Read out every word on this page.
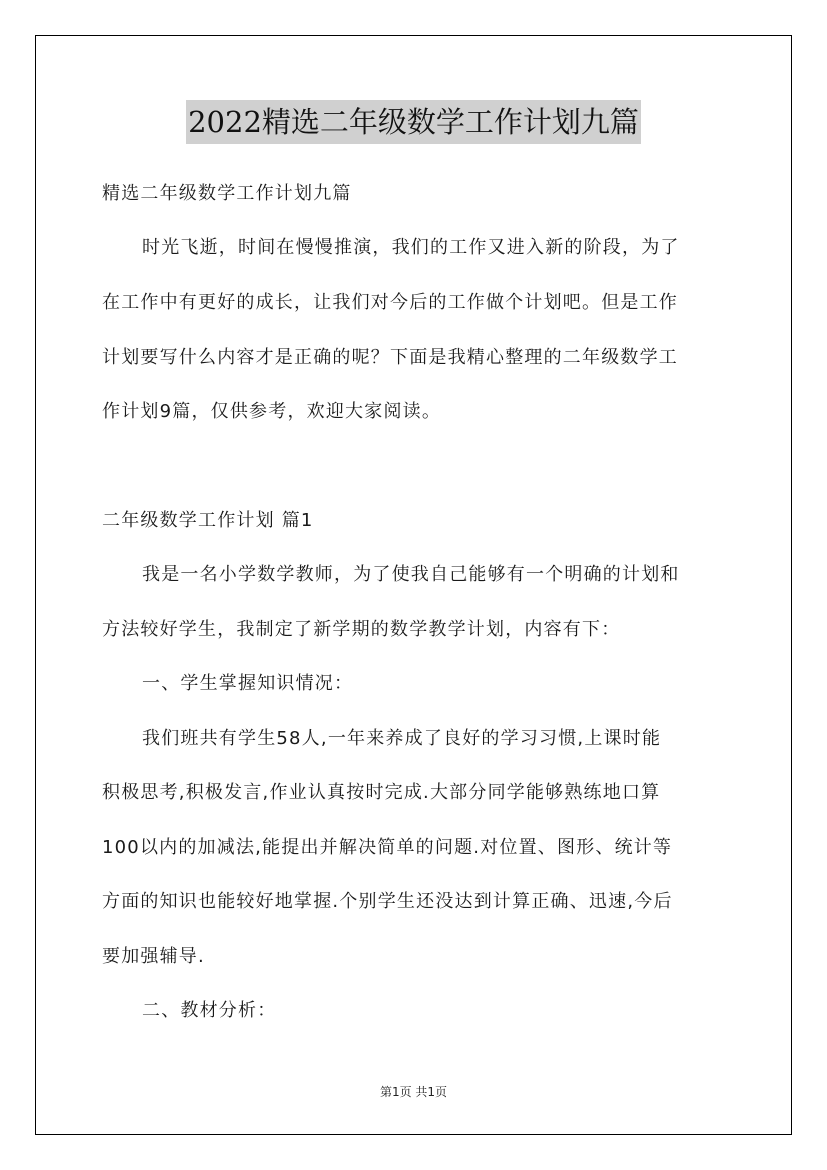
2022精选二年级数学工作计划九篇
精选二年级数学工作计划九篇
时光飞逝，时间在慢慢推演，我们的工作又进入新的阶段，为了
在工作中有更好的成长，让我们对今后的工作做个计划吧。但是工作
计划要写什么内容才是正确的呢？下面是我精心整理的二年级数学工
作计划9篇，仅供参考，欢迎大家阅读。
二年级数学工作计划 篇1
我是一名小学数学教师，为了使我自己能够有一个明确的计划和
方法较好学生，我制定了新学期的数学教学计划，内容有下：
一、学生掌握知识情况：
我们班共有学生58人,一年来养成了良好的学习习惯,上课时能
积极思考,积极发言,作业认真按时完成.大部分同学能够熟练地口算
100以内的加减法,能提出并解决简单的问题.对位置、图形、统计等
方面的知识也能较好地掌握.个别学生还没达到计算正确、迅速,今后
要加强辅导.
二、教材分析：
第1页 共1页
